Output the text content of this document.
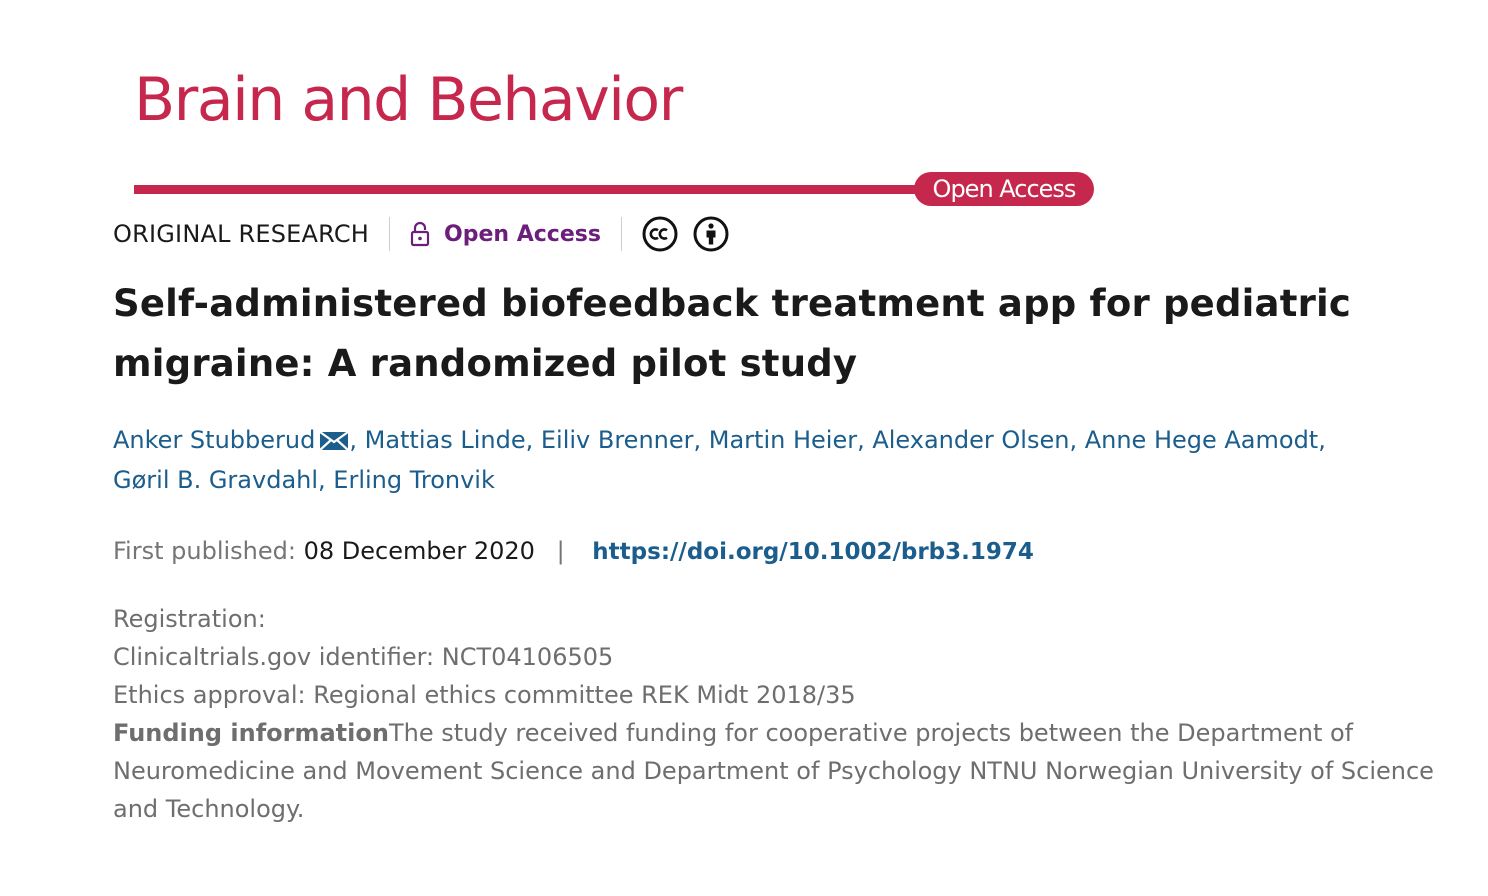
Brain and Behavior
Open Access
ORIGINAL RESEARCH	Open Access
Self-administered biofeedback treatment app for pediatric migraine: A randomized pilot study
Anker Stubberud , Mattias Linde, Eiliv Brenner, Martin Heier, Alexander Olsen, Anne Hege Aamodt,
Gøril B. Gravdahl, Erling Tronvik
First published: 08 December 2020 | https://doi.org/10.1002/brb3.1974

Registration:

Clinicaltrials.gov identifier: NCT04106505

Ethics approval: Regional ethics committee REK Midt 2018/35

Funding informationThe study received funding for cooperative projects between the Department of Neuromedicine and Movement Science and Department of Psychology NTNU Norwegian University of Science and Technology.
